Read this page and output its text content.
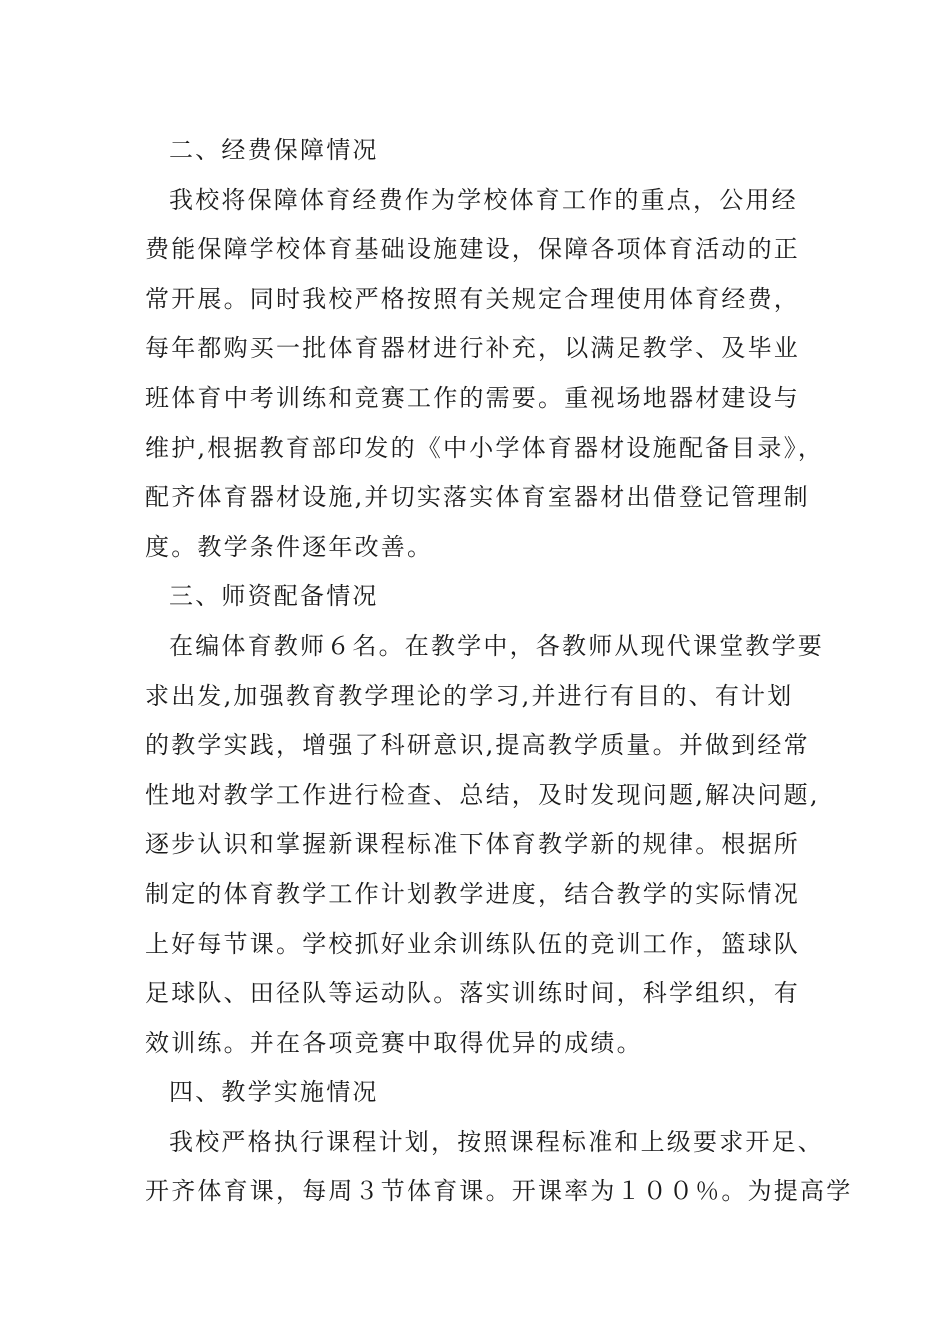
二、经费保障情况

我校将保障体育经费作为学校体育工作的重点，公用经
费能保障学校体育基础设施建设，保障各项体育活动的正
常开展。同时我校严格按照有关规定合理使用体育经费，
每年都购买一批体育器材进行补充，以满足教学、及毕业
班体育中考训练和竞赛工作的需要。重视场地器材建设与
维护,根据教育部印发的《中小学体育器材设施配备目录》，
配齐体育器材设施,并切实落实体育室器材出借登记管理制
度。教学条件逐年改善。

三、师资配备情况

在编体育教师６名。在教学中，各教师从现代课堂教学要
求出发,加强教育教学理论的学习,并进行有目的、有计划
的教学实践，增强了科研意识,提高教学质量。并做到经常
性地对教学工作进行检查、总结，及时发现问题,解决问题,
逐步认识和掌握新课程标准下体育教学新的规律。根据所
制定的体育教学工作计划教学进度，结合教学的实际情况
上好每节课。学校抓好业余训练队伍的竞训工作，篮球队
足球队、田径队等运动队。落实训练时间，科学组织，有
效训练。并在各项竞赛中取得优异的成绩。

四、教学实施情况

我校严格执行课程计划，按照课程标准和上级要求开足、
开齐体育课，每周３节体育课。开课率为１００％。为提高学
